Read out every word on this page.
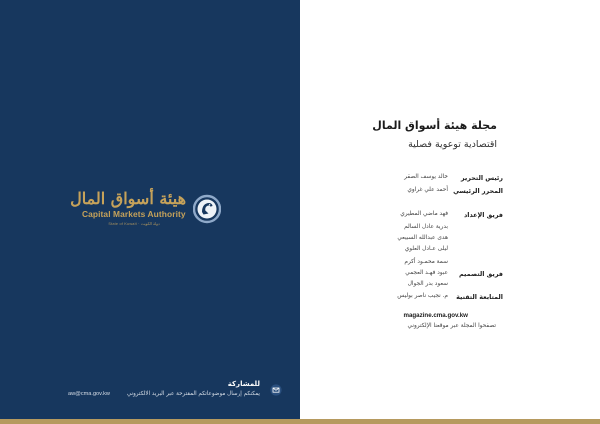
هيئة أسواق المال
Capital Markets Authority
State of Kuwait · دولة الكويت
للمشاركة
يمكنكم إرسال موضوعاتكم المقترحة عبر البريد الالكتروني
aw@cma.gov.kw
مجلة هيئة أسواق المال
اقتصادية توعوية فصلية
رئيس التحرير
خالد يوسف الصقر
المحرر الرئيسي
أحمد علي غراوي
فريق الإعداد
فهد ماضي المطيري
بدرية عادل السالم
هدى عبدالله السبيعي
ليلى عـادل العلوي
سمة محمـود أكرم
فريق التصميم
عبود فهـد العجمي
سعود بدر الجوال
المتابعة التقنية
م. نجيب ناصر بوليس
magazine.cma.gov.kw
تصفحوا المجلة عبر موقعنا الإلكتروني
